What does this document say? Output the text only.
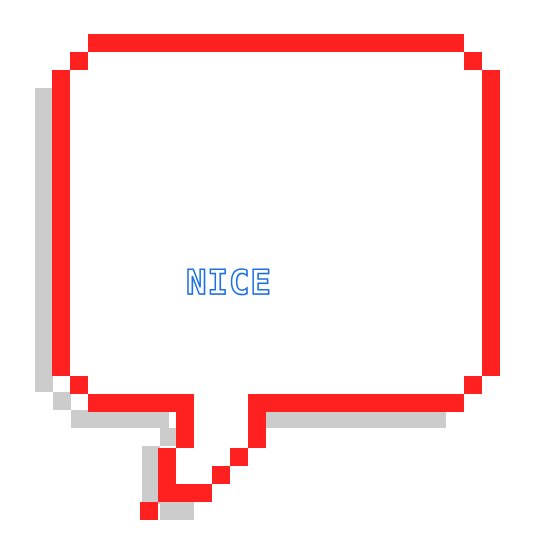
NICE
